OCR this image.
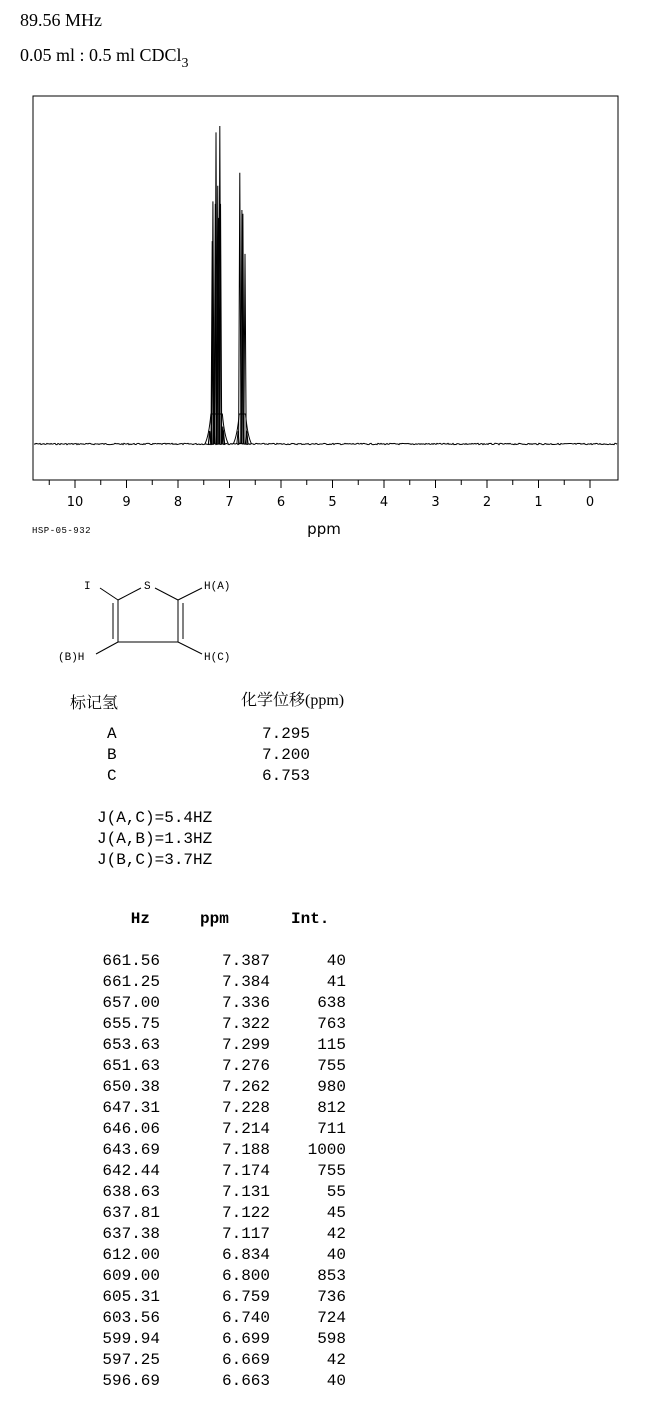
89.56 MHz
0.05 ml : 0.5 ml CDCl$_3$
10	9	8	7	6	5	4	3	2	1	0
ppm
HSP-05-932
I	S	H(A)
(B)H	H(C)
标记氢	化学位移(ppm)
A	7.295
B	7.200
C	6.753
J(A,C)=5.4HZ
J(A,B)=1.3HZ
J(B,C)=3.7HZ
Hz	ppm	Int.
661.56	7.387	40
661.25	7.384	41
657.00	7.336	638
655.75	7.322	763
653.63	7.299	115
651.63	7.276	755
650.38	7.262	980
647.31	7.228	812
646.06	7.214	711
643.69	7.188	1000
642.44	7.174	755
638.63	7.131	55
637.81	7.122	45
637.38	7.117	42
612.00	6.834	40
609.00	6.800	853
605.31	6.759	736
603.56	6.740	724
599.94	6.699	598
597.25	6.669	42
596.69	6.663	40
